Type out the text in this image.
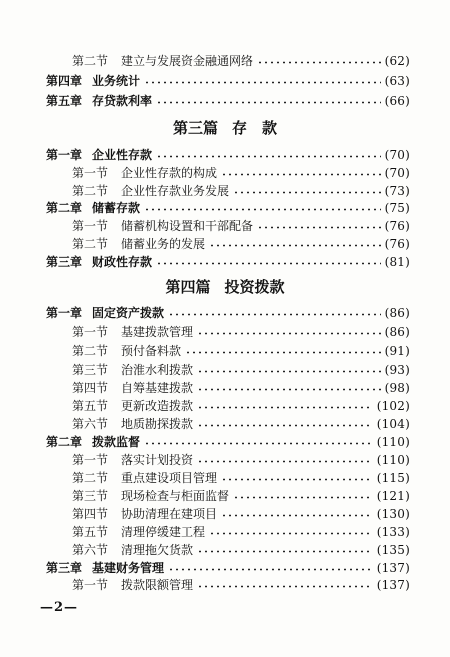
第二节 建立与发展资金融通网络	(62)
第四章 业务统计	(63)
第五章 存贷款利率	(66)
第三篇 存　款
第一章 企业性存款	(70)
第一节 企业性存款的构成	(70)
第二节 企业性存款业务发展	(73)
第二章 储蓄存款	(75)
第一节 储蓄机构设置和干部配备	(76)
第二节 储蓄业务的发展	(76)
第三章 财政性存款	(81)
第四篇 投资拨款
第一章 固定资产拨款	(86)
第一节 基建拨款管理	(86)
第二节 预付备料款	(91)
第三节 治淮水利拨款	(93)
第四节 自筹基建拨款	(98)
第五节 更新改造拨款	(102)
第六节 地质勘探拨款	(104)
第二章 拨款监督	(110)
第一节 落实计划投资	(110)
第二节 重点建设项目管理	(115)
第三节 现场检查与柜面监督	(121)
第四节 协助清理在建项目	(130)
第五节 清理停缓建工程	(133)
第六节 清理拖欠货款	(135)
第三章 基建财务管理	(137)
第一节 拨款限额管理	(137)
—2—
